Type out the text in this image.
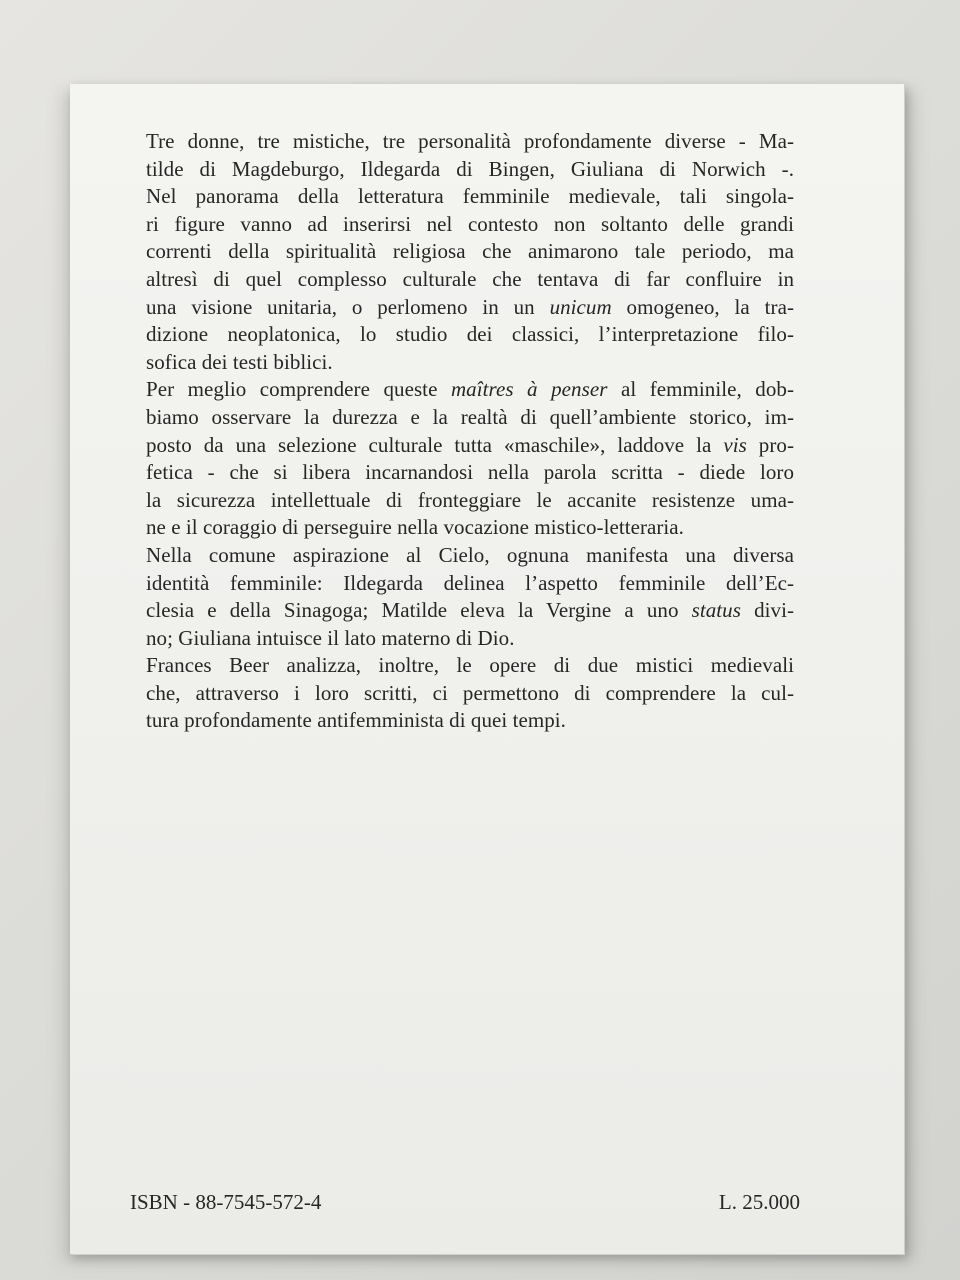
Tre donne, tre mistiche, tre personalità profondamente diverse - Ma-
tilde di Magdeburgo, Ildegarda di Bingen, Giuliana di Norwich -.
Nel panorama della letteratura femminile medievale, tali singola-
ri figure vanno ad inserirsi nel contesto non soltanto delle grandi
correnti della spiritualità religiosa che animarono tale periodo, ma
altresì di quel complesso culturale che tentava di far confluire in
una visione unitaria, o perlomeno in un unicum omogeneo, la tra-
dizione neoplatonica, lo studio dei classici, l’interpretazione filo-
sofica dei testi biblici.
Per meglio comprendere queste maîtres à penser al femminile, dob-
biamo osservare la durezza e la realtà di quell’ambiente storico, im-
posto da una selezione culturale tutta «maschile», laddove la vis pro-
fetica - che si libera incarnandosi nella parola scritta - diede loro
la sicurezza intellettuale di fronteggiare le accanite resistenze uma-
ne e il coraggio di perseguire nella vocazione mistico-letteraria.
Nella comune aspirazione al Cielo, ognuna manifesta una diversa
identità femminile: Ildegarda delinea l’aspetto femminile dell’Ec-
clesia e della Sinagoga; Matilde eleva la Vergine a uno status divi-
no; Giuliana intuisce il lato materno di Dio.
Frances Beer analizza, inoltre, le opere di due mistici medievali
che, attraverso i loro scritti, ci permettono di comprendere la cul-
tura profondamente antifemminista di quei tempi.
ISBN - 88-7545-572-4	L. 25.000
